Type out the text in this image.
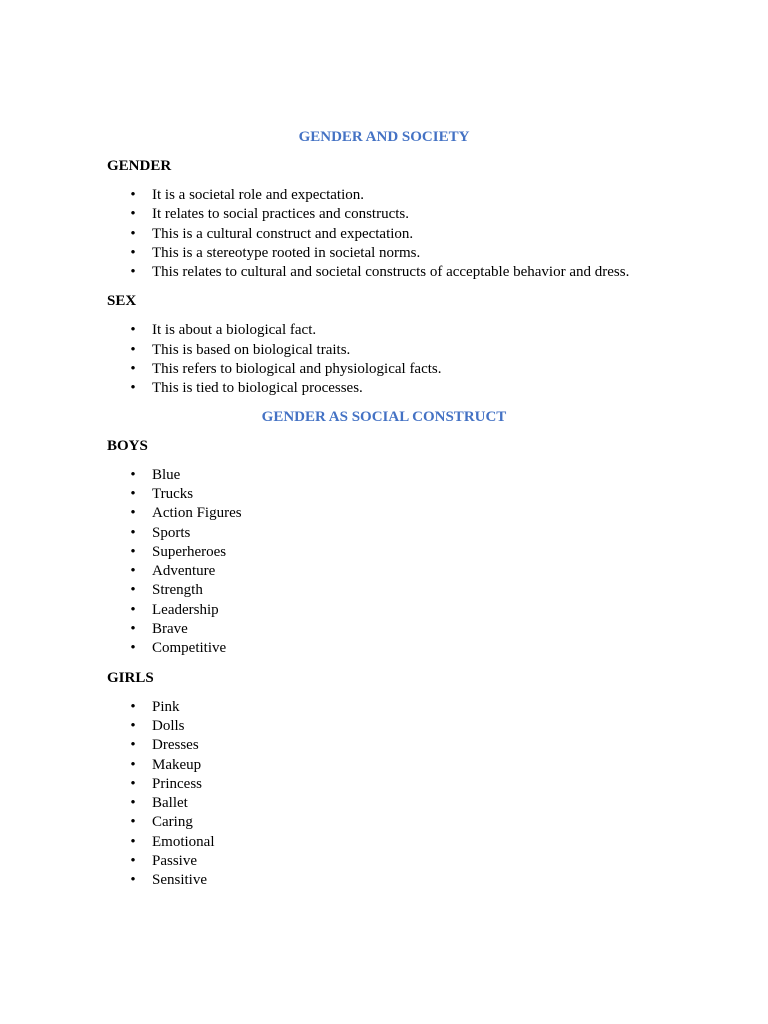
GENDER AND SOCIETY
GENDER
• It is a societal role and expectation.
• It relates to social practices and constructs.
• This is a cultural construct and expectation.
• This is a stereotype rooted in societal norms.
• This relates to cultural and societal constructs of acceptable behavior and dress.
SEX
• It is about a biological fact.
• This is based on biological traits.
• This refers to biological and physiological facts.
• This is tied to biological processes.
GENDER AS SOCIAL CONSTRUCT
BOYS
• Blue
• Trucks
• Action Figures
• Sports
• Superheroes
• Adventure
• Strength
• Leadership
• Brave
• Competitive
GIRLS
• Pink
• Dolls
• Dresses
• Makeup
• Princess
• Ballet
• Caring
• Emotional
• Passive
• Sensitive
